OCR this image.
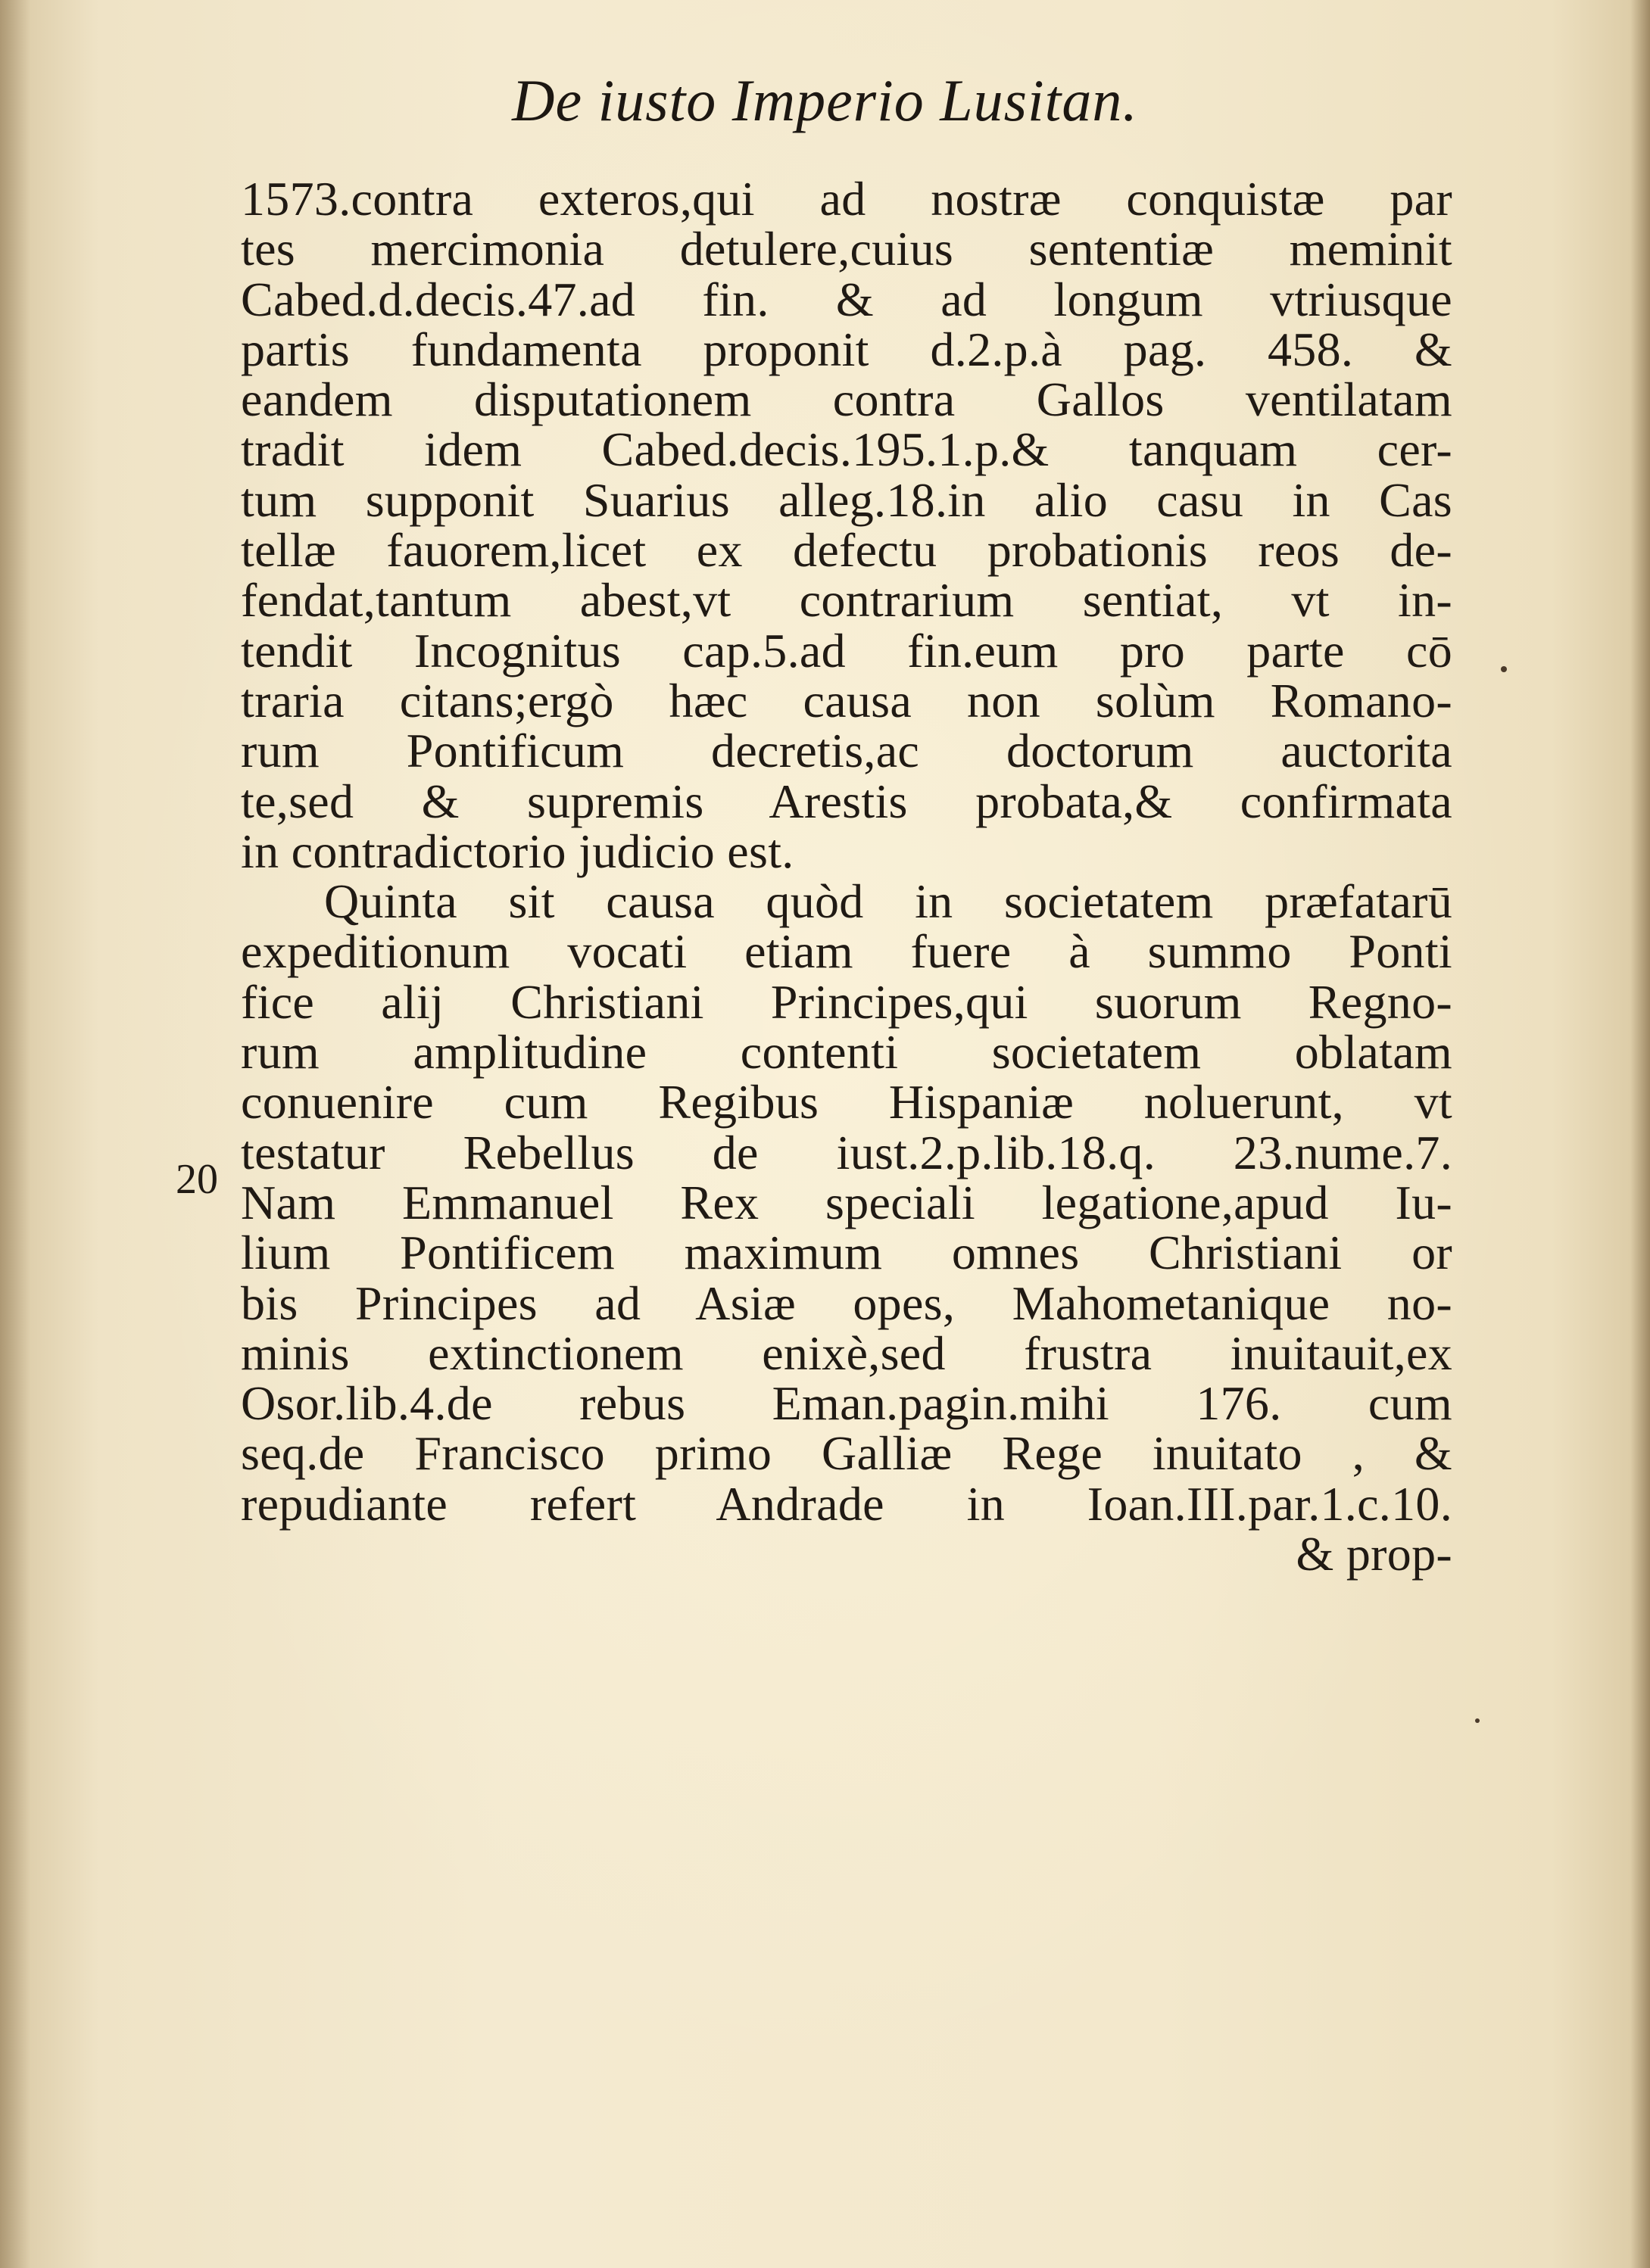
De iusto Imperio Lusitan.
20
1573.contra exteros,qui ad nostræ conquistæ par
tes mercimonia detulere,cuius sententiæ meminit
Cabed.d.decis.47.ad fin. & ad longum vtriusque
partis fundamenta proponit d.2.p.à pag. 458. &
eandem disputationem contra Gallos ventilatam
tradit idem Cabed.decis.195.1.p.& tanquam cer-
tum supponit Suarius alleg.18.in alio casu in Cas
tellæ fauorem,licet ex defectu probationis reos de-
fendat,tantum abest,vt contrarium sentiat, vt in-
tendit Incognitus cap.5.ad fin.eum pro parte cō
traria citans;ergò hæc causa non solùm Romano-
rum Pontificum decretis,ac doctorum auctorita
te,sed & supremis Arestis probata,& confirmata
in contradictorio judicio est.
Quinta sit causa quòd in societatem præfatarū
expeditionum vocati etiam fuere à summo Ponti
fice alij Christiani Principes,qui suorum Regno-
rum amplitudine contenti societatem oblatam
conuenire cum Regibus Hispaniæ noluerunt, vt
testatur Rebellus de iust.2.p.lib.18.q. 23.nume.7.
Nam Emmanuel Rex speciali legatione,apud Iu-
lium Pontificem maximum omnes Christiani or
bis Principes ad Asiæ opes, Mahometanique no-
minis extinctionem enixè,sed frustra inuitauit,ex
Osor.lib.4.de rebus Eman.pagin.mihi 176. cum
seq.de Francisco primo Galliæ Rege inuitato , &
repudiante refert Andrade in Ioan.III.par.1.c.10.
& prop-
